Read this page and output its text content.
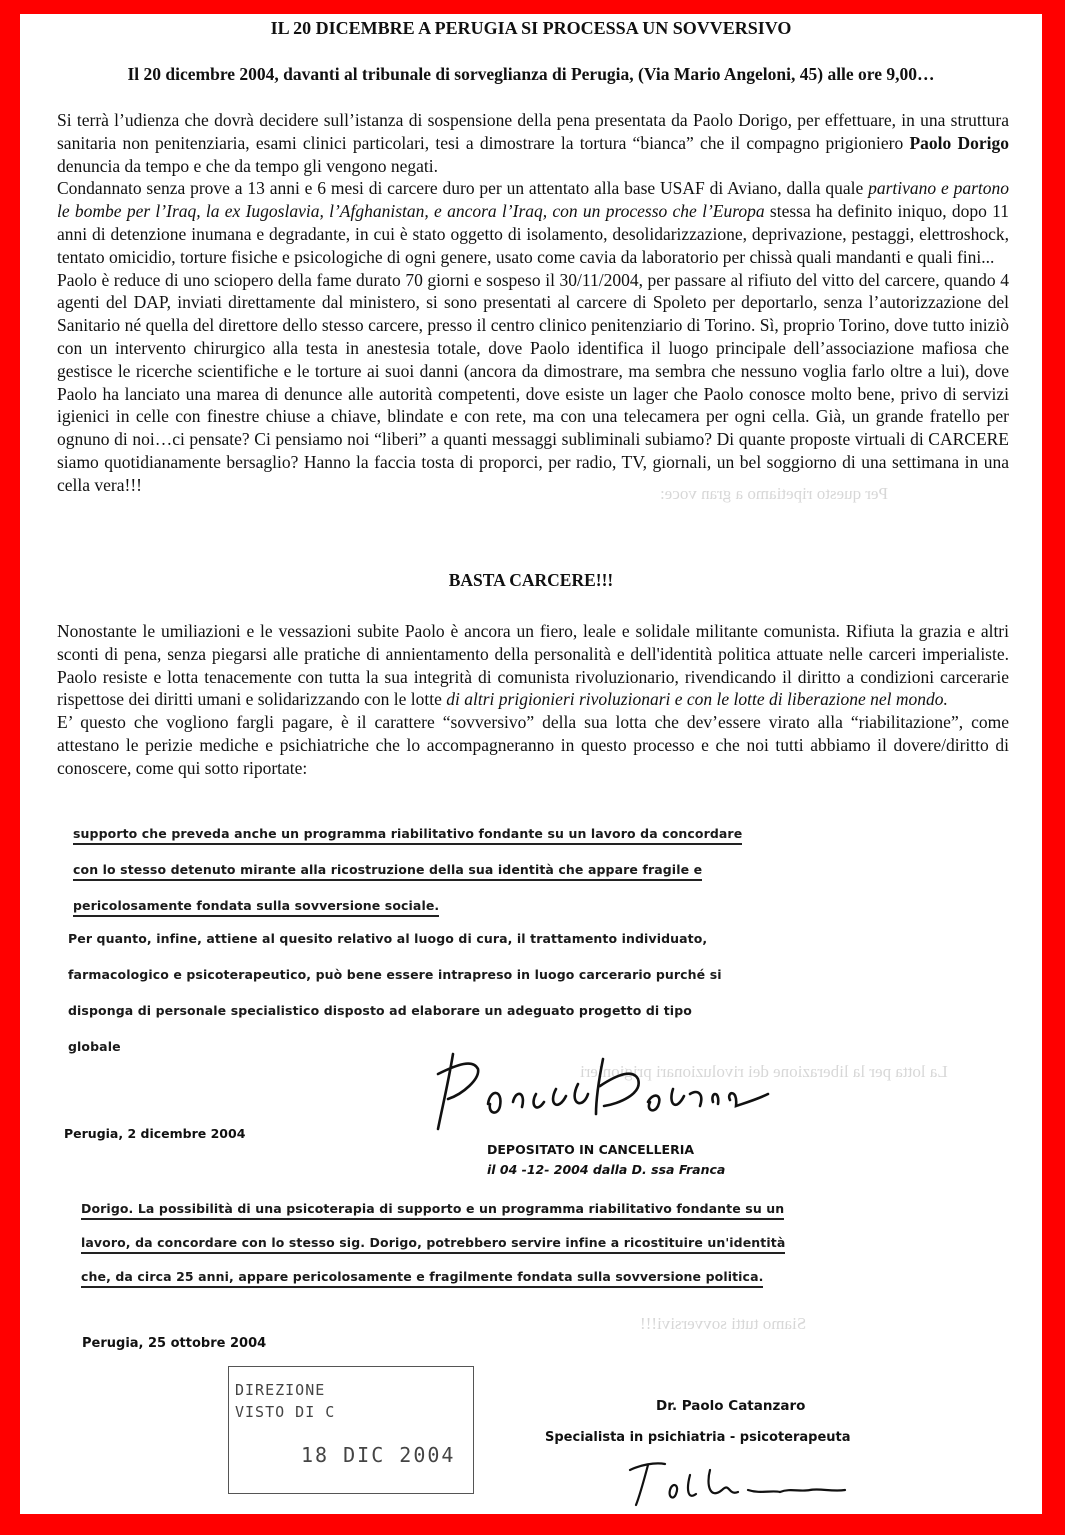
Per questo ripetiamo a gran voce:
La lotta per la liberazione dei rivoluzionari prigionieri
Siamo tutti sovversivi!!!
IL 20 DICEMBRE A PERUGIA SI PROCESSA UN SOVVERSIVO
Il 20 dicembre 2004, davanti al tribunale di sorveglianza di Perugia, (Via Mario Angeloni, 45) alle ore 9,00…

Si terrà l’udienza che dovrà decidere sull’istanza di sospensione della pena presentata da Paolo Dorigo, per effettuare, in una struttura sanitaria non penitenziaria, esami clinici particolari, tesi a dimostrare la tortura “bianca” che il compagno prigioniero Paolo Dorigo denuncia da tempo e che da tempo gli vengono negati.

Condannato senza prove a 13 anni e 6 mesi di carcere duro per un attentato alla base USAF di Aviano, dalla quale partivano e partono le bombe per l’Iraq, la ex Iugoslavia, l’Afghanistan, e ancora l’Iraq, con un processo che l’Europa stessa ha definito iniquo, dopo 11 anni di detenzione inumana e degradante, in cui è stato oggetto di isolamento, desolidarizzazione, deprivazione, pestaggi, elettroshock, tentato omicidio, torture fisiche e psicologiche di ogni genere, usato come cavia da laboratorio per chissà quali mandanti e quali fini...

Paolo è reduce di uno sciopero della fame durato 70 giorni e sospeso il 30/11/2004, per passare al rifiuto del vitto del carcere, quando 4 agenti del DAP, inviati direttamente dal ministero, si sono presentati al carcere di Spoleto per deportarlo, senza l’autorizzazione del Sanitario né quella del direttore dello stesso carcere, presso il centro clinico penitenziario di Torino. Sì, proprio Torino, dove tutto iniziò con un intervento chirurgico alla testa in anestesia totale, dove Paolo identifica il luogo principale dell’associazione mafiosa che gestisce le ricerche scientifiche e le torture ai suoi danni (ancora da dimostrare, ma sembra che nessuno voglia farlo oltre a lui), dove Paolo ha lanciato una marea di denunce alle autorità competenti, dove esiste un lager che Paolo conosce molto bene, privo di servizi igienici in celle con finestre chiuse a chiave, blindate e con rete, ma con una telecamera per ogni cella. Già, un grande fratello per ognuno di noi…ci pensate? Ci pensiamo noi “liberi” a quanti messaggi subliminali subiamo? Di quante proposte virtuali di CARCERE siamo quotidianamente bersaglio? Hanno la faccia tosta di proporci, per radio, TV, giornali, un bel soggiorno di una settimana in una cella vera!!!

BASTA CARCERE!!!

Nonostante le umiliazioni e le vessazioni subite Paolo è ancora un fiero, leale e solidale militante comunista. Rifiuta la grazia e altri sconti di pena, senza piegarsi alle pratiche di annientamento della personalità e dell'identità politica attuate nelle carceri imperialiste. Paolo resiste e lotta tenacemente con tutta la sua integrità di comunista rivoluzionario, rivendicando il diritto a condizioni carcerarie rispettose dei diritti umani e solidarizzando con le lotte di altri prigionieri rivoluzionari e con le lotte di liberazione nel mondo.

E’ questo che vogliono fargli pagare, è il carattere “sovversivo” della sua lotta che dev’essere virato alla “riabilitazione”, come attestano le perizie mediche e psichiatriche che lo accompagneranno in questo processo e che noi tutti abbiamo il dovere/diritto di conoscere, come qui sotto riportate:

supporto che preveda anche un programma riabilitativo fondante su un lavoro da concordare
con lo stesso detenuto mirante alla ricostruzione della sua identità che appare fragile e
pericolosamente fondata sulla sovversione sociale.
Per quanto, infine, attiene al quesito relativo al luogo di cura, il trattamento individuato,
farmacologico e psicoterapeutico, può bene essere intrapreso in luogo carcerario purché si
disponga di personale specialistico disposto ad elaborare un adeguato progetto di tipo
globale
Perugia, 2 dicembre 2004
DEPOSITATO IN CANCELLERIA
il 04 -12- 2004 dalla D. ssa Franca
Dorigo. La possibilità di una psicoterapia di supporto e un programma riabilitativo fondante su un
lavoro, da concordare con lo stesso sig. Dorigo, potrebbero servire infine a ricostituire un'identità
che, da circa 25 anni, appare pericolosamente e fragilmente fondata sulla sovversione politica.
Perugia, 25 ottobre 2004
DIREZIONE
VISTO DI C
18 DIC 2004
Dr. Paolo Catanzaro
Specialista in psichiatria - psicoterapeuta
